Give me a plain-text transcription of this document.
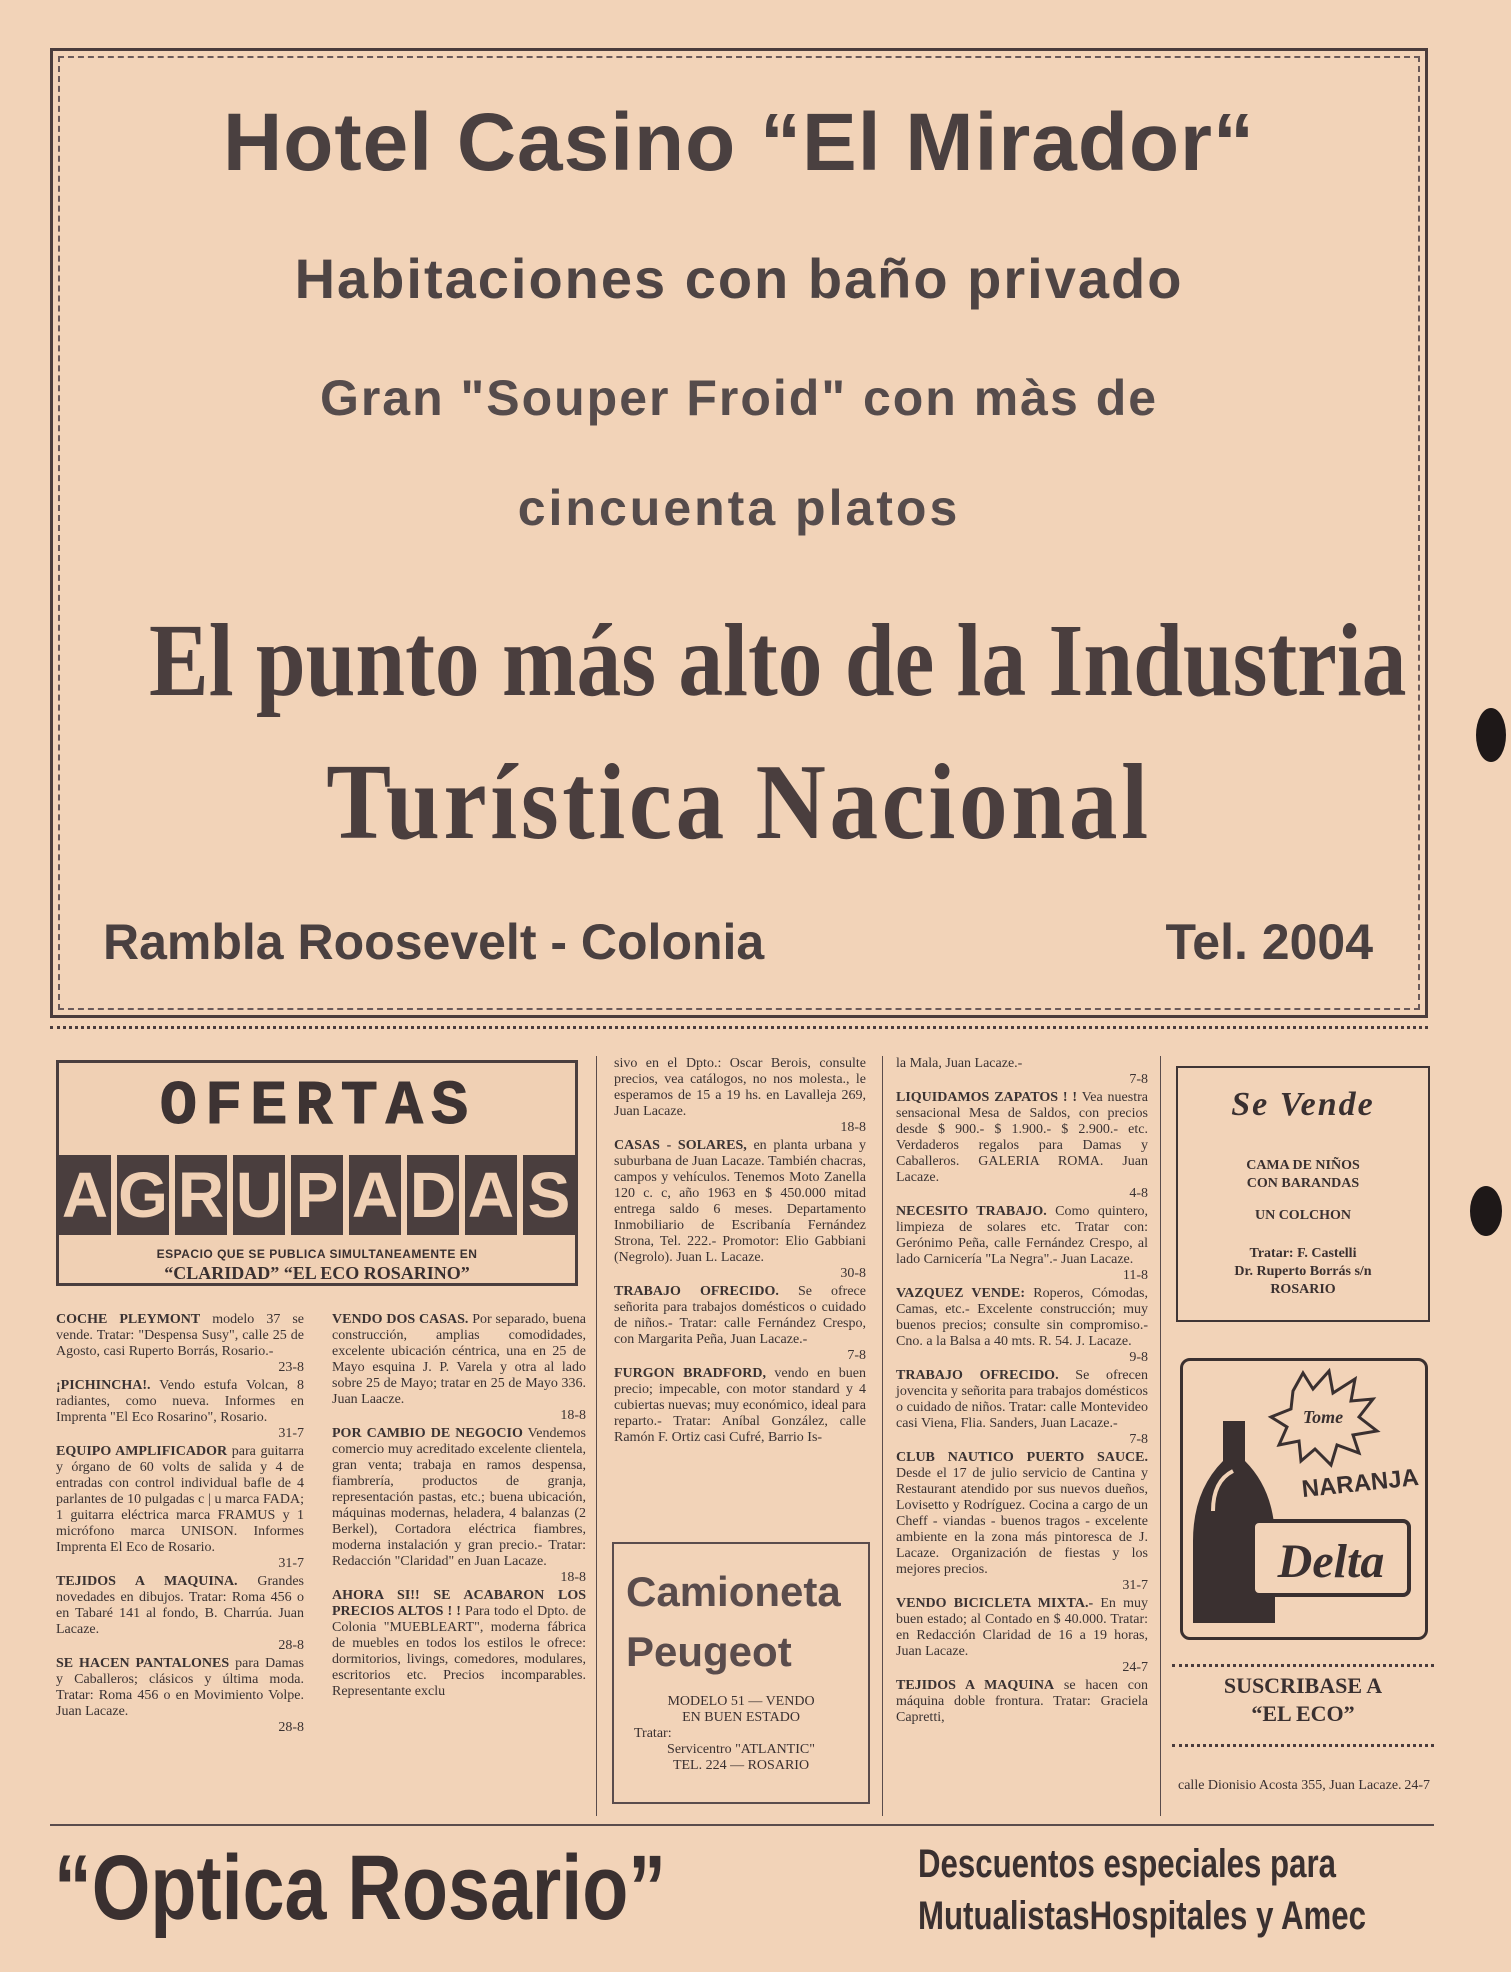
Hotel Casino “El Mirador“
Habitaciones con baño privado
Gran "Souper Froid" con màs de
cincuenta platos
El punto más alto de la Industria
Turística Nacional
Rambla Roosevelt - Colonia	Tel. 2004
OFERTAS
A G R U P A D A S
ESPACIO QUE SE PUBLICA SIMULTANEAMENTE EN
“CLARIDAD” “EL ECO ROSARINO”

COCHE PLEYMONT modelo 37 se vende. Tratar: "Despensa Susy", calle 25 de Agosto, casi Ruperto Borrás, Rosario.-
23-8

¡PICHINCHA!. Vendo estufa Volcan, 8 radiantes, como nueva. Informes en Imprenta "El Eco Rosarino", Rosario.
31-7

EQUIPO AMPLIFICADOR para guitarra y órgano de 60 volts de salida y 4 de entradas con control individual bafle de 4 parlantes de 10 pulgadas c | u marca FADA; 1 guitarra eléctrica marca FRAMUS y 1 micrófono marca UNISON. Informes Imprenta El Eco de Rosario.
31-7

TEJIDOS A MAQUINA. Grandes novedades en dibujos. Tratar: Roma 456 o en Tabaré 141 al fondo, B. Charrúa. Juan Lacaze.
28-8

SE HACEN PANTALONES para Damas y Caballeros; clásicos y última moda. Tratar: Roma 456 o en Movimiento Volpe. Juan Lacaze.
28-8

VENDO DOS CASAS. Por separado, buena construcción, amplias comodidades, excelente ubicación céntrica, una en 25 de Mayo esquina J. P. Varela y otra al lado sobre 25 de Mayo; tratar en 25 de Mayo 336. Juan Laacze.
18-8

POR CAMBIO DE NEGOCIO Vendemos comercio muy acreditado excelente clientela, gran venta; trabaja en ramos despensa, fiambrería, productos de granja, representación pastas, etc.; buena ubicación, máquinas modernas, heladera, 4 balanzas (2 Berkel), Cortadora eléctrica fiambres, moderna instalación y gran precio.- Tratar: Redacción "Claridad" en Juan Lacaze.
18-8

AHORA SI!! SE ACABARON LOS PRECIOS ALTOS ! ! Para todo el Dpto. de Colonia "MUEBLEART", moderna fábrica de muebles en todos los estilos le ofrece: dormitorios, livings, comedores, modulares, escritorios etc. Precios incomparables. Representante exclu

sivo en el Dpto.: Oscar Berois, consulte precios, vea catálogos, no nos molesta., le esperamos de 15 a 19 hs. en Lavalleja 269, Juan Lacaze.
18-8

CASAS - SOLARES, en planta urbana y suburbana de Juan Lacaze. También chacras, campos y vehículos. Tenemos Moto Zanella 120 c. c, año 1963 en $ 450.000 mitad entrega saldo 6 meses. Departamento Inmobiliario de Escribanía Fernández Strona, Tel. 222.- Promotor: Elio Gabbiani (Negrolo). Juan L. Lacaze.
30-8

TRABAJO OFRECIDO. Se ofrece señorita para trabajos domésticos o cuidado de niños.- Tratar: calle Fernández Crespo, con Margarita Peña, Juan Lacaze.-
7-8

FURGON BRADFORD, vendo en buen precio; impecable, con motor standard y 4 cubiertas nuevas; muy económico, ideal para reparto.- Tratar: Aníbal González, calle Ramón F. Ortiz casi Cufré, Barrio Is-

la Mala, Juan Lacaze.-
7-8

LIQUIDAMOS ZAPATOS ! ! Vea nuestra sensacional Mesa de Saldos, con precios desde $ 900.- $ 1.900.- $ 2.900.- etc. Verdaderos regalos para Damas y Caballeros. GALERIA ROMA. Juan Lacaze.
4-8

NECESITO TRABAJO. Como quintero, limpieza de solares etc. Tratar con: Gerónimo Peña, calle Fernández Crespo, al lado Carnicería "La Negra".- Juan Lacaze.
11-8

VAZQUEZ VENDE: Roperos, Cómodas, Camas, etc.- Excelente construcción; muy buenos precios; consulte sin compromiso.- Cno. a la Balsa a 40 mts. R. 54. J. Lacaze.
9-8

TRABAJO OFRECIDO. Se ofrecen jovencita y señorita para trabajos domésticos o cuidado de niños. Tratar: calle Montevideo casi Viena, Flia. Sanders, Juan Lacaze.-
7-8

CLUB NAUTICO PUERTO SAUCE. Desde el 17 de julio servicio de Cantina y Restaurant atendido por sus nuevos dueños, Lovisetto y Rodríguez. Cocina a cargo de un Cheff - viandas - buenos tragos - excelente ambiente en la zona más pintoresca de J. Lacaze. Organización de fiestas y los mejores precios.
31-7

VENDO BICICLETA MIXTA.- En muy buen estado; al Contado en $ 40.000. Tratar: en Redacción Claridad de 16 a 19 horas, Juan Lacaze.
24-7

TEJIDOS A MAQUINA se hacen con máquina doble frontura. Tratar: Graciela Capretti,

Camioneta
Peugeot
MODELO 51 — VENDO
EN BUEN ESTADO
Tratar:
Servicentro "ATLANTIC"
TEL. 224 — ROSARIO
Se Vende
CAMA DE NIÑOS
CON BARANDAS
UN COLCHON
Tratar: F. Castelli
Dr. Ruperto Borrás s/n
ROSARIO
Tome
NARANJA
Delta
SUSCRIBASE A
“EL ECO”
calle Dionisio Acosta 355, Juan Lacaze. 24-7
“Optica Rosario”	Descuentos especiales para
MutualistasHospitales y Amec
